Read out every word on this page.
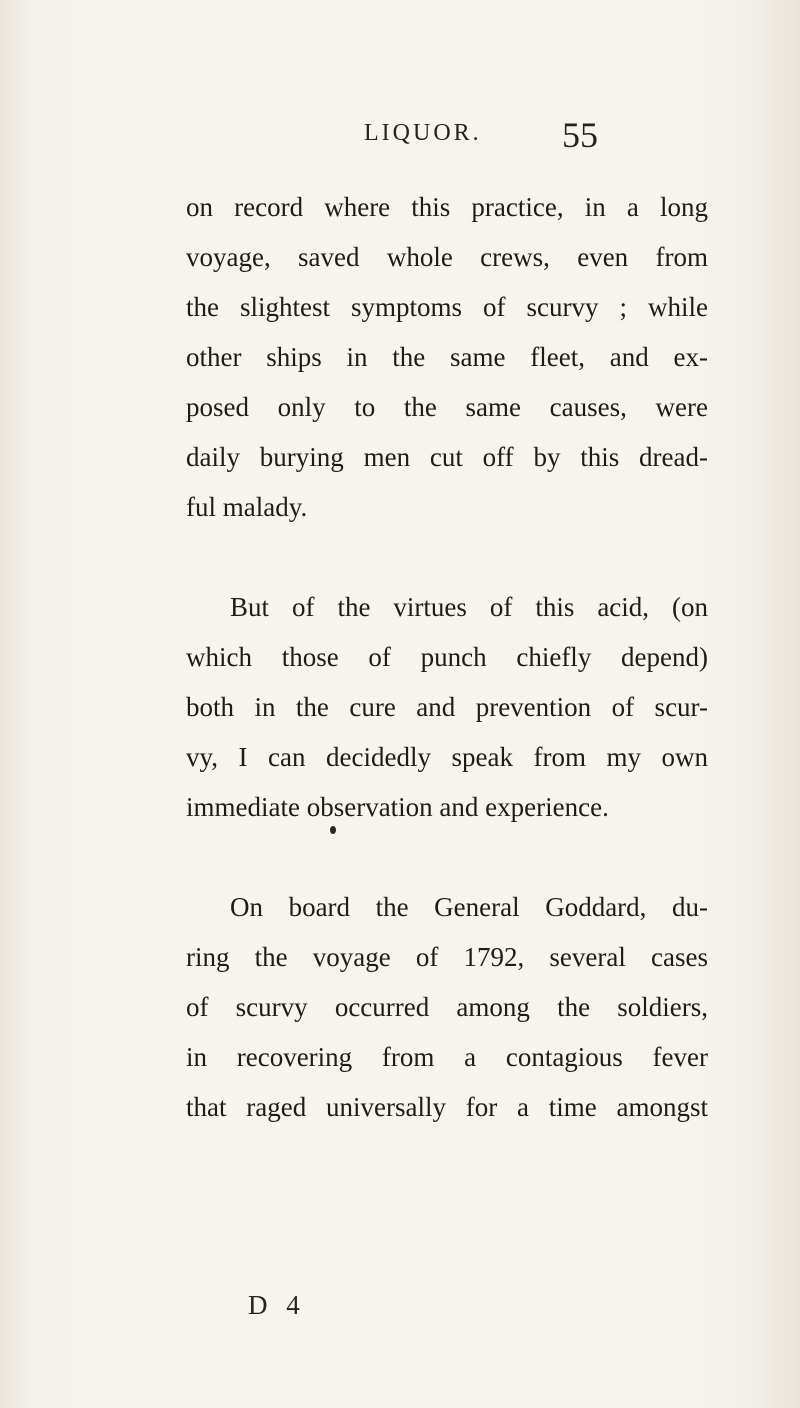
LIQUOR. 55
on record where this practice, in a long
voyage, saved whole crews, even from
the slightest symptoms of scurvy ; while
other ships in the same fleet, and ex-
posed only to the same causes, were
daily burying men cut off by this dread-
ful malady.
But of the virtues of this acid, (on
which those of punch chiefly depend)
both in the cure and prevention of scur-
vy, I can decidedly speak from my own
immediate observation and experience.
On board the General Goddard, du-
ring the voyage of 1792, several cases
of scurvy occurred among the soldiers,
in recovering from a contagious fever
that raged universally for a time amongst
D 4
